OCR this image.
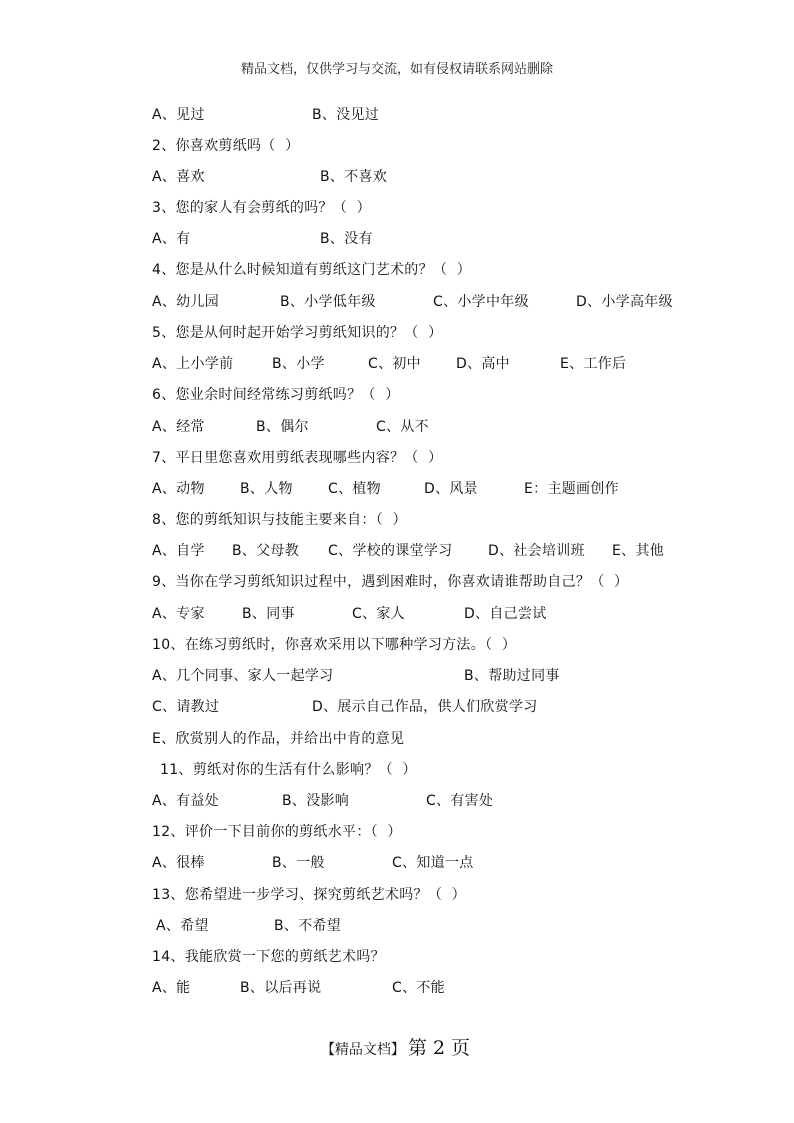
精品文档，仅供学习与交流，如有侵权请联系网站删除

A、见过

	B、没见过

2、你喜欢剪纸吗（  ）

A、喜欢

	B、不喜欢

3、您的家人有会剪纸的吗？（  ）

A、有

	B、没有

4、您是从什么时候知道有剪纸这门艺术的？（  ）

A、幼儿园

	B、小学低年级

	C、小学中年级

	D、小学高年级

5、您是从何时起开始学习剪纸知识的？（  ）

A、上小学前

	B、小学

	C、初中

	D、高中

	E、工作后

6、您业余时间经常练习剪纸吗？（  ）

A、经常

	B、偶尔

	C、从不

7、平日里您喜欢用剪纸表现哪些内容？（  ）

A、动物

	B、人物

	C、植物

	D、风景

	E：主题画创作

8、您的剪纸知识与技能主要来自：（  ）

A、自学

B、父母教

C、学校的课堂学习

	D、社会培训班

E、其他

9、当你在学习剪纸知识过程中，遇到困难时，你喜欢请谁帮助自己？（  ）

A、专家

	B、同事

	C、家人

	D、自己尝试

10、在练习剪纸时，你喜欢采用以下哪种学习方法。（  ）

A、几个同事、家人一起学习

	B、帮助过同事

C、请教过

	D、展示自己作品，供人们欣赏学习

E、欣赏别人的作品，并给出中肯的意见
11、剪纸对你的生活有什么影响？（  ）

A、有益处

	B、没影响

	C、有害处

12、评价一下目前你的剪纸水平：（  ）

A、很棒

	B、一般

	C、知道一点

13、您希望进一步学习、探究剪纸艺术吗？（  ）

A、希望

	B、不希望

14、我能欣赏一下您的剪纸艺术吗？

A、能

	B、以后再说

	C、不能

【精品文档】 第 2 页
